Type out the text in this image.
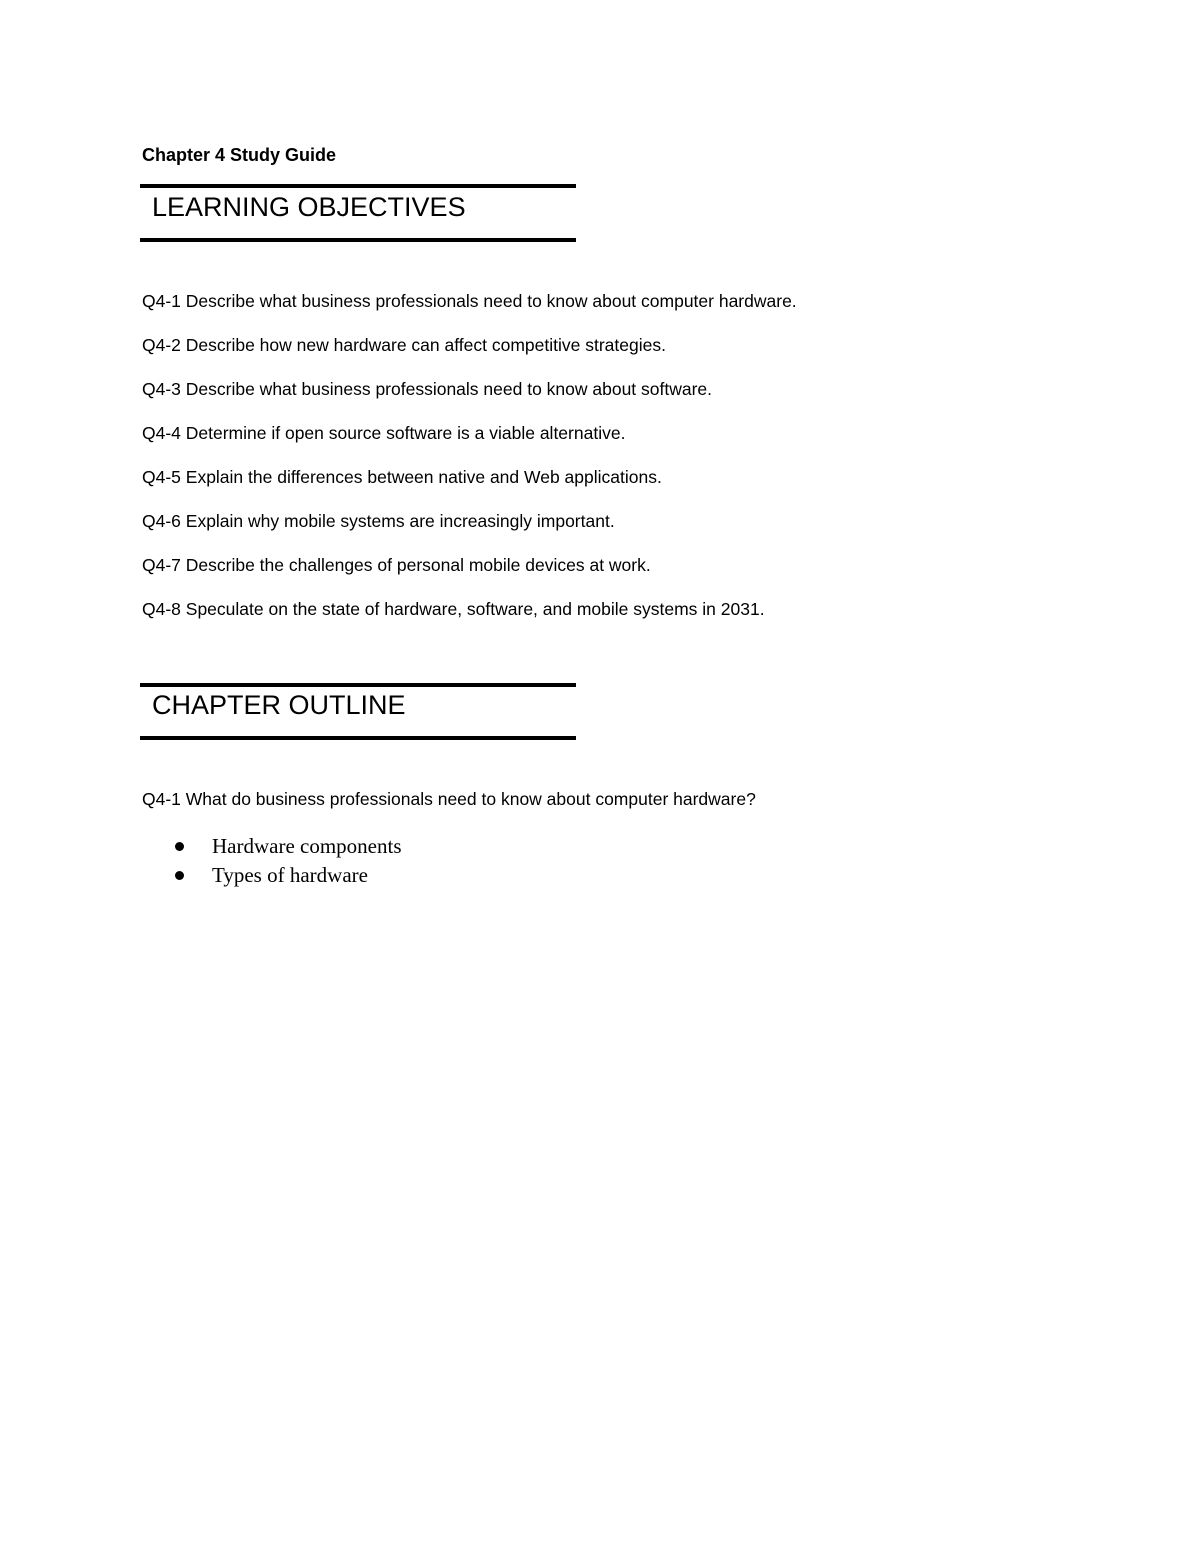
Chapter 4 Study Guide
LEARNING OBJECTIVES
Q4-1 Describe what business professionals need to know about computer hardware.
Q4-2 Describe how new hardware can affect competitive strategies.
Q4-3 Describe what business professionals need to know about software.
Q4-4 Determine if open source software is a viable alternative.
Q4-5 Explain the differences between native and Web applications.
Q4-6 Explain why mobile systems are increasingly important.
Q4-7 Describe the challenges of personal mobile devices at work.
Q4-8 Speculate on the state of hardware, software, and mobile systems in 2031.
CHAPTER OUTLINE
Q4-1 What do business professionals need to know about computer hardware?
Hardware components
Types of hardware
